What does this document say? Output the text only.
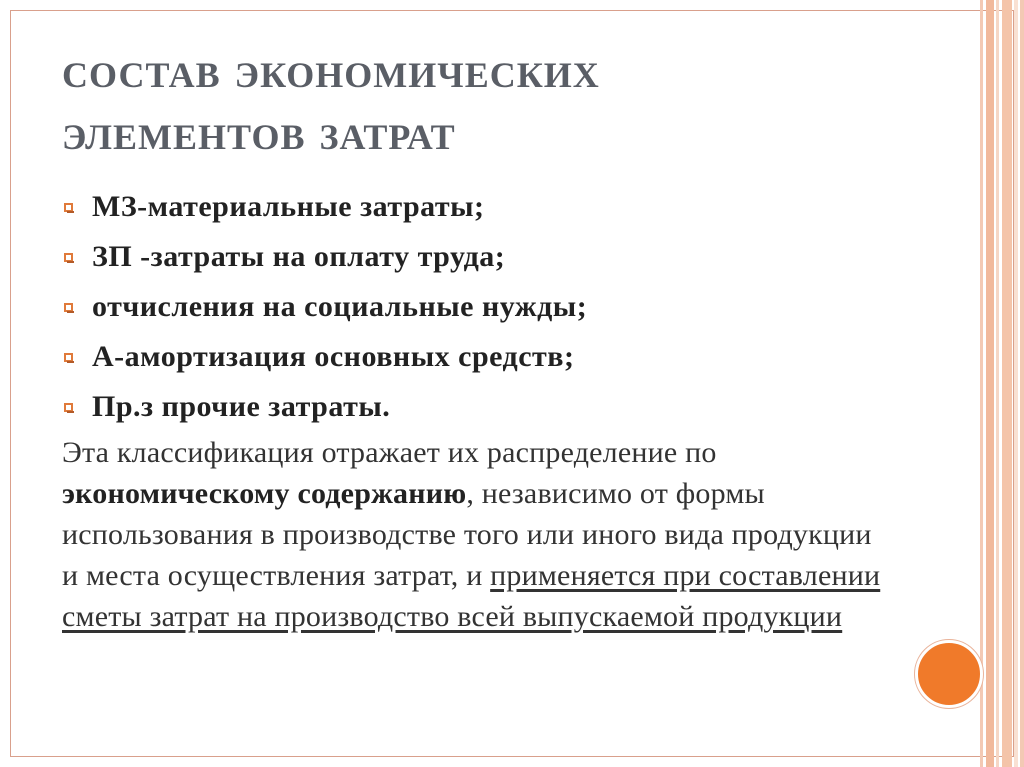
состав экономических
элементов затрат
МЗ-материальные затраты;
ЗП -затраты на оплату труда;
отчисления на социальные нужды;
А-амортизация основных средств;
Пр.з прочие затраты.
Эта классификация отражает их распределение по экономическому содержанию, независимо от формы использования в производстве того или иного вида продукции и места осуществления затрат, и применяется при составлении сметы затрат на производство всей выпускаемой продукции
